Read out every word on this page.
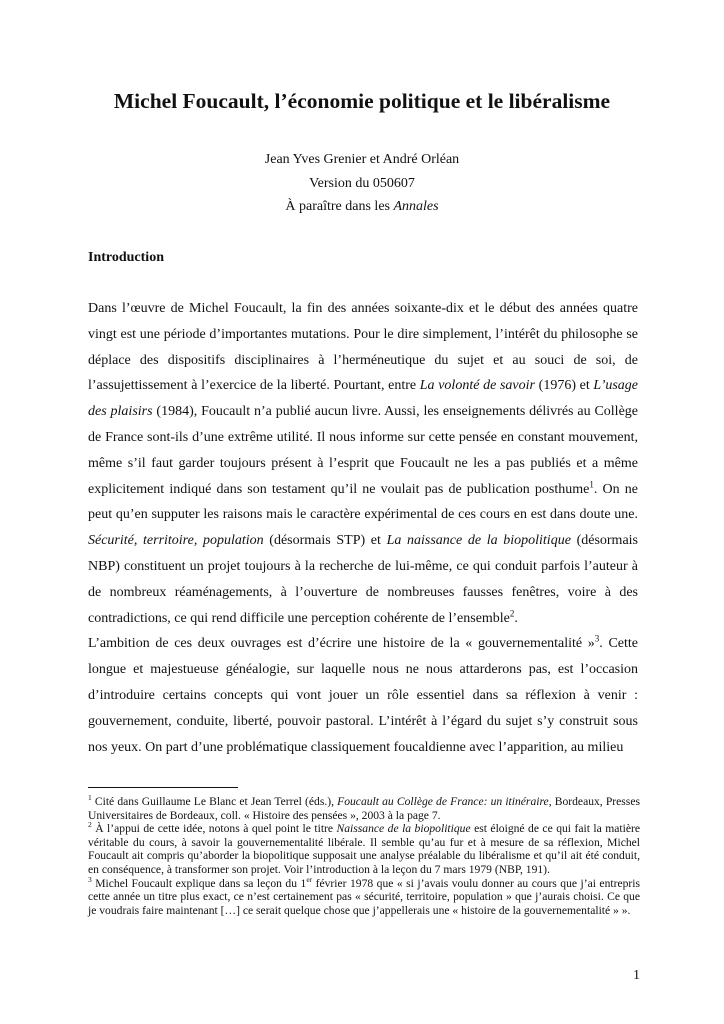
Michel Foucault, l’économie politique et le libéralisme
Jean Yves Grenier et André Orléan
Version du 050607
À paraître dans les Annales
Introduction

Dans l’œuvre de Michel Foucault, la fin des années soixante-dix et le début des années quatre vingt est une période d’importantes mutations. Pour le dire simplement, l’intérêt du philosophe se déplace des dispositifs disciplinaires à l’herméneutique du sujet et au souci de soi, de l’assujettissement à l’exercice de la liberté. Pourtant, entre La volonté de savoir (1976) et L’usage des plaisirs (1984), Foucault n’a publié aucun livre. Aussi, les enseignements délivrés au Collège de France sont-ils d’une extrême utilité. Il nous informe sur cette pensée en constant mouvement, même s’il faut garder toujours présent à l’esprit que Foucault ne les a pas publiés et a même explicitement indiqué dans son testament qu’il ne voulait pas de publication posthume$^1$. On ne peut qu’en supputer les raisons mais le caractère expérimental de ces cours en est dans doute une. Sécurité, territoire, population (désormais STP) et La naissance de la biopolitique (désormais NBP) constituent un projet toujours à la recherche de lui-même, ce qui conduit parfois l’auteur à de nombreux réaménagements, à l’ouverture de nombreuses fausses fenêtres, voire à des contradictions, ce qui rend difficile une perception cohérente de l’ensemble$^2$.

L’ambition de ces deux ouvrages est d’écrire une histoire de la « gouvernementalité »$^3$. Cette longue et majestueuse généalogie, sur laquelle nous ne nous attarderons pas, est l’occasion d’introduire certains concepts qui vont jouer un rôle essentiel dans sa réflexion à venir : gouvernement, conduite, liberté, pouvoir pastoral. L’intérêt à l’égard du sujet s’y construit sous nos yeux. On part d’une problématique classiquement foucaldienne avec l’apparition, au milieu

$^1$ Cité dans Guillaume Le Blanc et Jean Terrel (éds.), Foucault au Collège de France: un itinéraire, Bordeaux, Presses Universitaires de Bordeaux, coll. « Histoire des pensées », 2003 à la page 7.

$^2$ À l’appui de cette idée, notons à quel point le titre Naissance de la biopolitique est éloigné de ce qui fait la matière véritable du cours, à savoir la gouvernementalité libérale. Il semble qu’au fur et à mesure de sa réflexion, Michel Foucault ait compris qu’aborder la biopolitique supposait une analyse préalable du libéralisme et qu’il ait été conduit, en conséquence, à transformer son projet. Voir l’introduction à la leçon du 7 mars 1979 (NBP, 191).

$^3$ Michel Foucault explique dans sa leçon du 1er février 1978 que « si j’avais voulu donner au cours que j’ai entrepris cette année un titre plus exact, ce n’est certainement pas « sécurité, territoire, population » que j’aurais choisi. Ce que je voudrais faire maintenant […] ce serait quelque chose que j’appellerais une « histoire de la gouvernementalité » ».

1
